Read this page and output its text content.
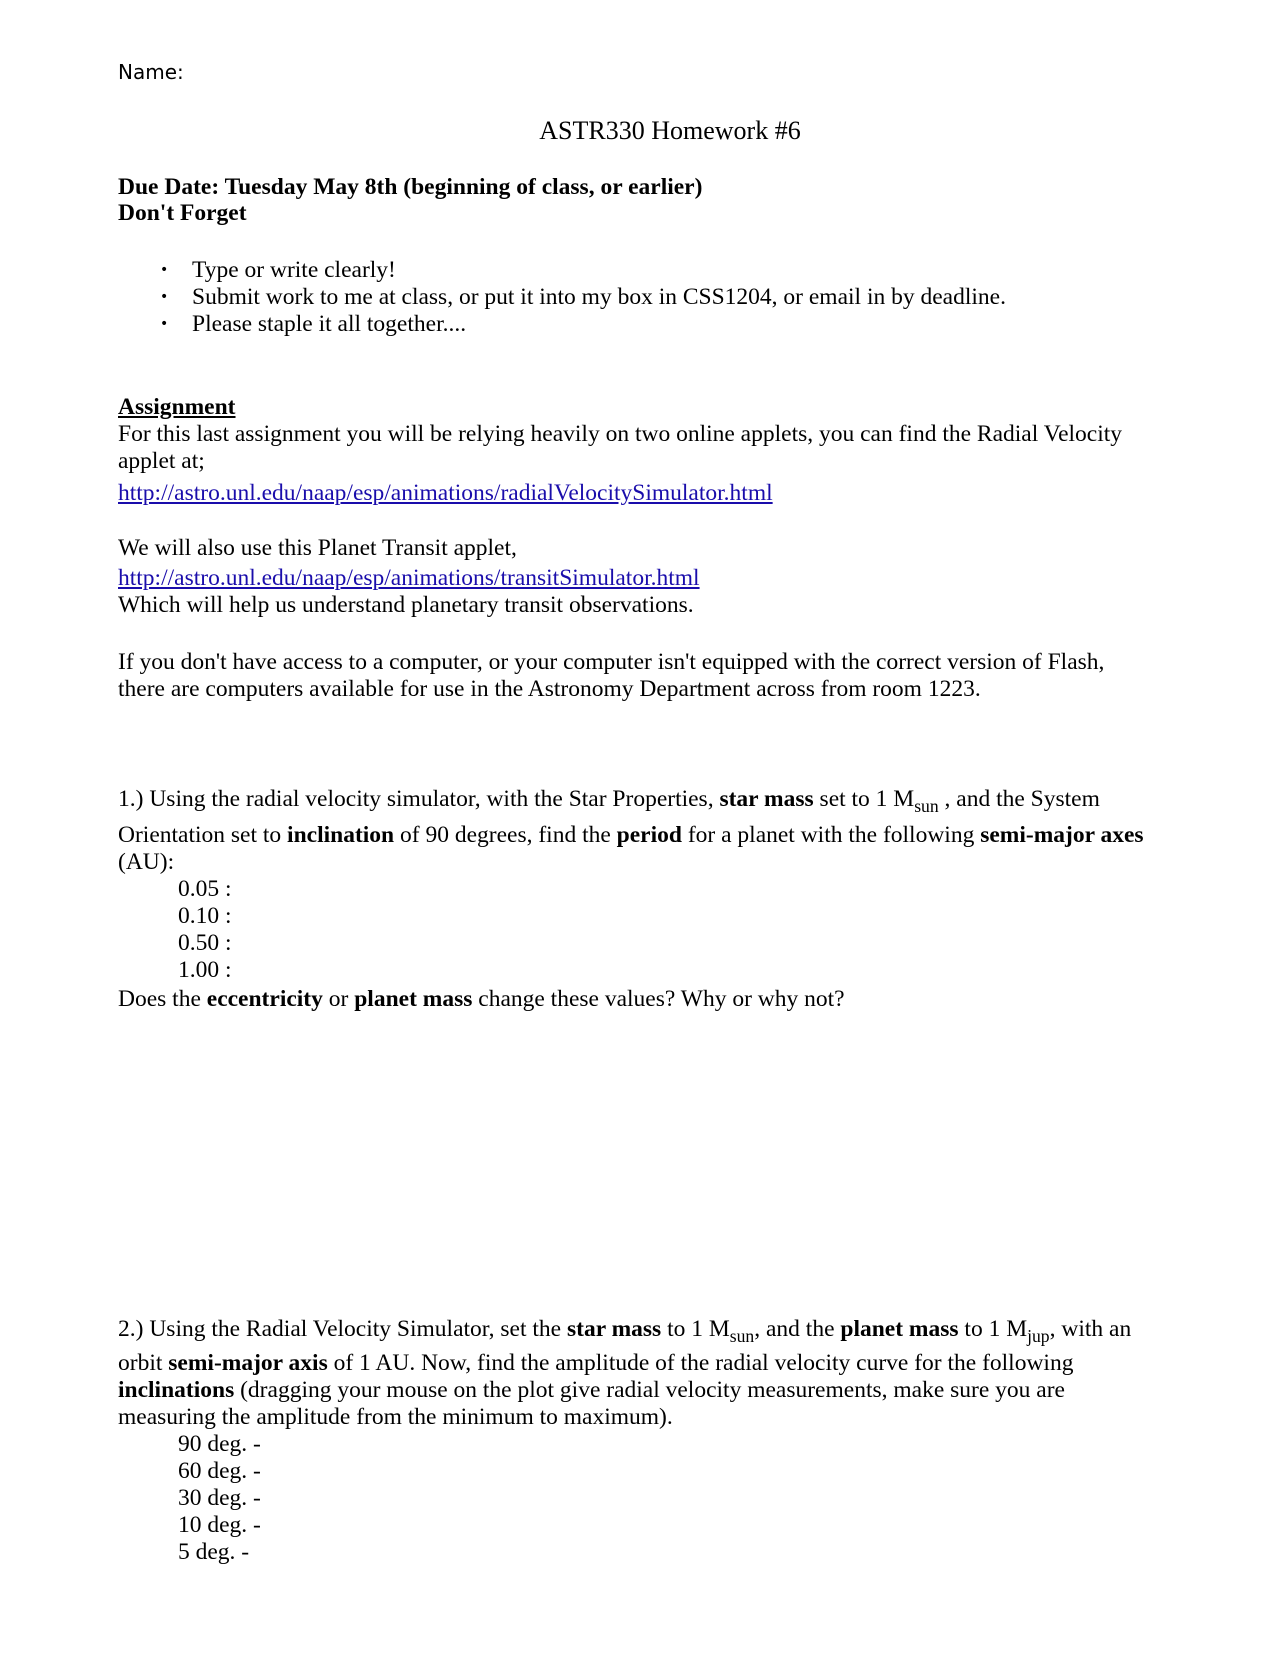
Name:
ASTR330 Homework #6
Due Date: Tuesday May 8th (beginning of class, or earlier)
Don't Forget
• Type or write clearly!
• Submit work to me at class, or put it into my box in CSS1204, or email in by deadline.
• Please staple it all together....
Assignment
For this last assignment you will be relying heavily on two online applets, you can find the Radial Velocity
applet at;
http://astro.unl.edu/naap/esp/animations/radialVelocitySimulator.html
We will also use this Planet Transit applet,
http://astro.unl.edu/naap/esp/animations/transitSimulator.html
Which will help us understand planetary transit observations.
If you don't have access to a computer, or your computer isn't equipped with the correct version of Flash,
there are computers available for use in the Astronomy Department across from room 1223.
1.) Using the radial velocity simulator, with the Star Properties, star mass set to 1 $M_{sun}$ , and the System
Orientation set to inclination of 90 degrees, find the period for a planet with the following semi-major axes
(AU):
0.05 :
0.10 :
0.50 :
1.00 :
Does the eccentricity or planet mass change these values? Why or why not?
2.) Using the Radial Velocity Simulator, set the star mass to 1 $M_{sun}$, and the planet mass to 1 $M_{jup}$, with an
orbit semi-major axis of 1 AU. Now, find the amplitude of the radial velocity curve for the following
inclinations (dragging your mouse on the plot give radial velocity measurements, make sure you are
measuring the amplitude from the minimum to maximum).
90 deg. -
60 deg. -
30 deg. -
10 deg. -
5 deg. -
